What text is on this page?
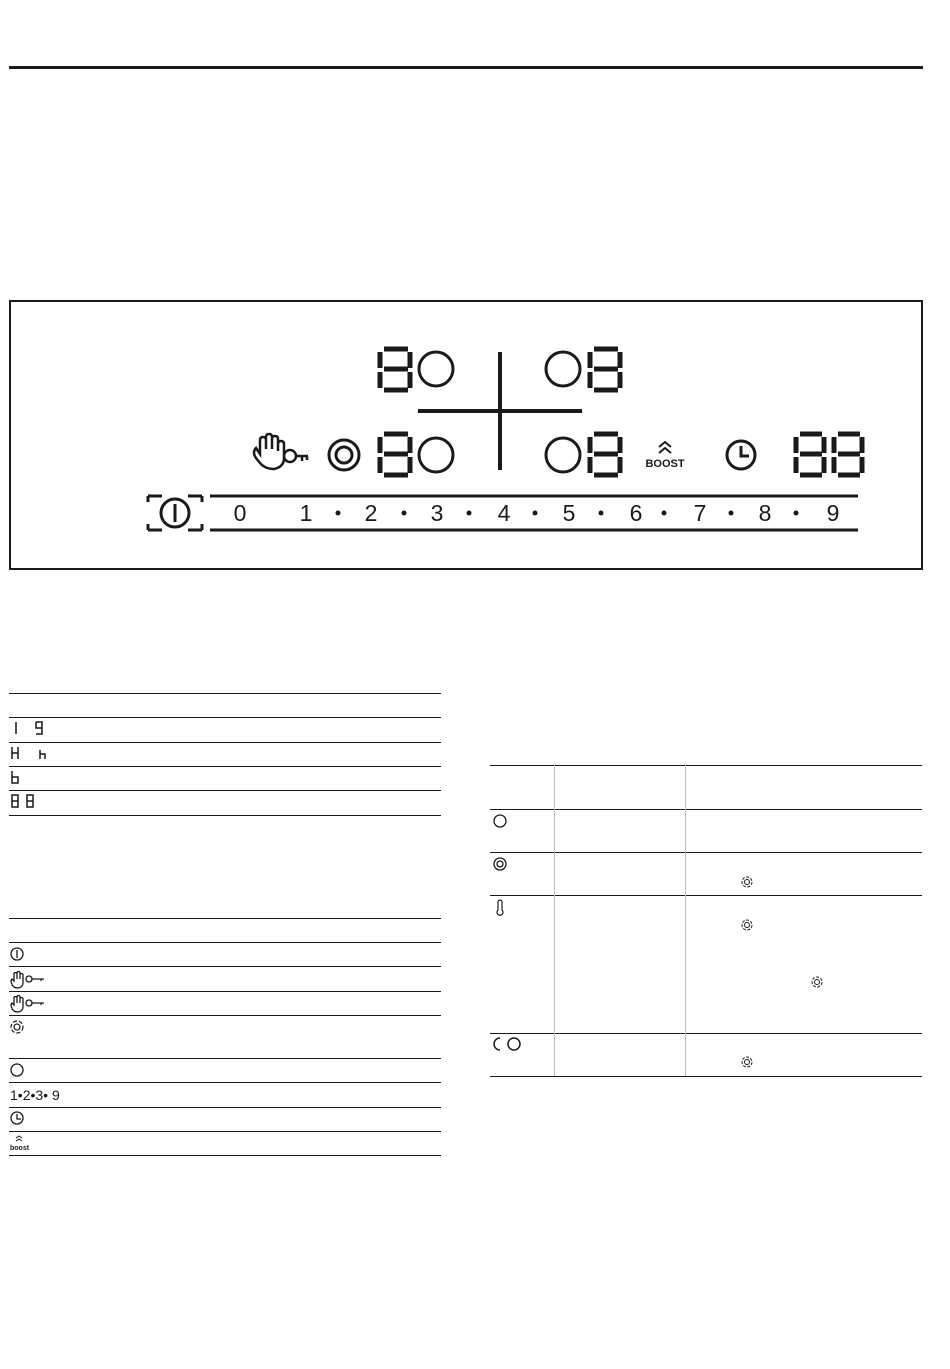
BOOST
0 1 2 3 4 5 6 7 8 9
1•2•3• 9
boost
